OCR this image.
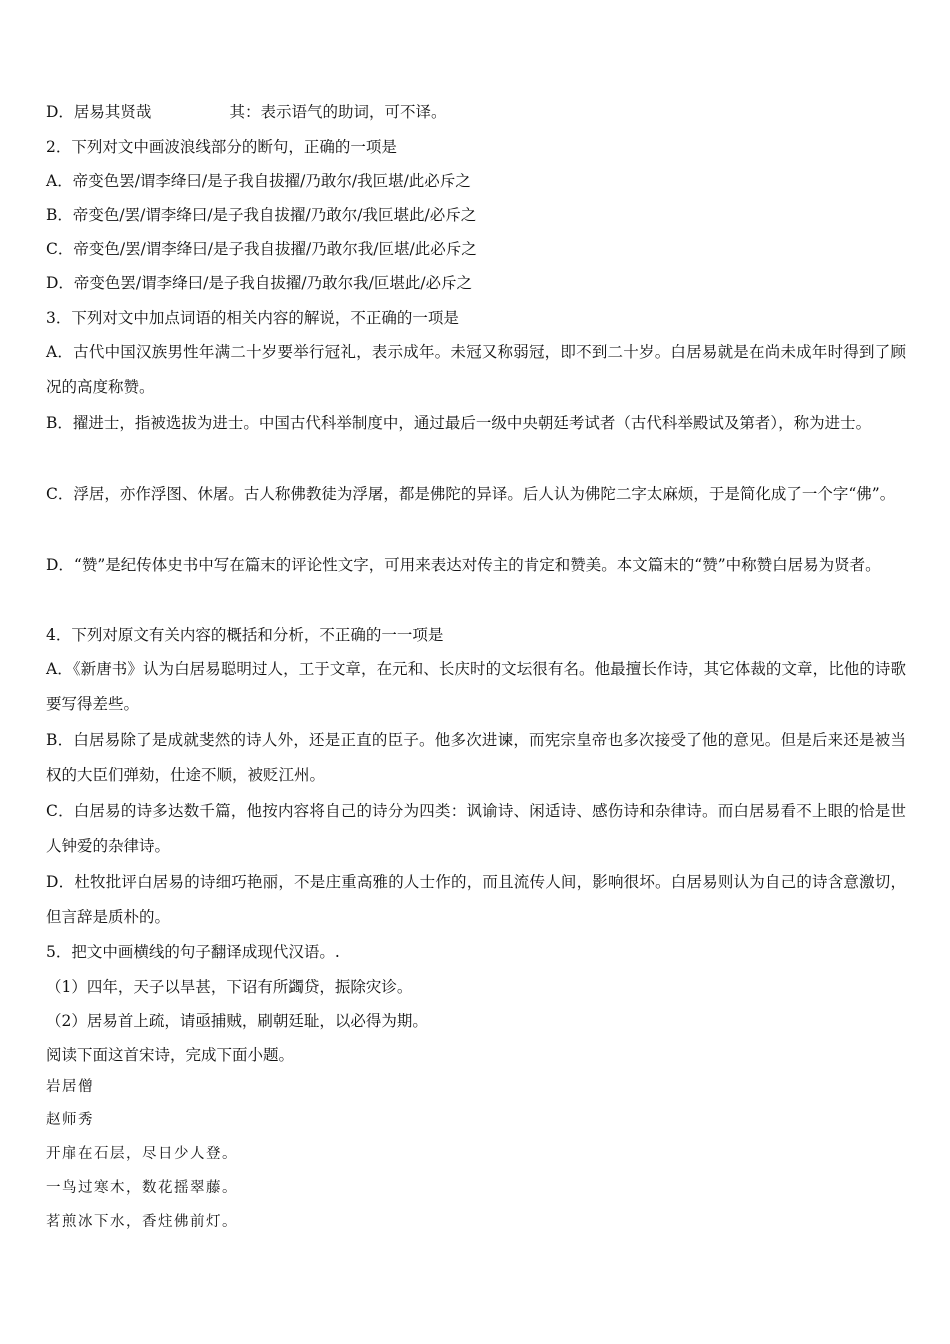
D．居易其贤哉	其：表示语气的助词，可不译。
2．下列对文中画波浪线部分的断句，正确的一项是
A．帝变色罢/谓李绛曰/是子我自拔擢/乃敢尔/我叵堪/此必斥之
B．帝变色/罢/谓李绛曰/是子我自拔擢/乃敢尔/我叵堪此/必斥之
C．帝变色/罢/谓李绛曰/是子我自拔擢/乃敢尔我/叵堪/此必斥之
D．帝变色罢/谓李绛曰/是子我自拔擢/乃敢尔我/叵堪此/必斥之
3．下列对文中加点词语的相关内容的解说，不正确的一项是
A．古代中国汉族男性年满二十岁要举行冠礼，表示成年。未冠又称弱冠，即不到二十岁。白居易就是在尚未成年时得到了顾况的高度称赞。
B．擢进士，指被选拔为进士。中国古代科举制度中，通过最后一级中央朝廷考试者（古代科举殿试及第者），称为进士。
C．浮居，亦作浮图、休屠。古人称佛教徒为浮屠，都是佛陀的异译。后人认为佛陀二字太麻烦，于是简化成了一个字“佛”。
D．“赞”是纪传体史书中写在篇末的评论性文字，可用来表达对传主的肯定和赞美。本文篇末的“赞”中称赞白居易为贤者。
4．下列对原文有关内容的概括和分析，不正确的一一项是
A．《新唐书》认为白居易聪明过人，工于文章，在元和、长庆时的文坛很有名。他最擅长作诗，其它体裁的文章，比他的诗歌要写得差些。
B．白居易除了是成就斐然的诗人外，还是正直的臣子。他多次进谏，而宪宗皇帝也多次接受了他的意见。但是后来还是被当权的大臣们弹劾，仕途不顺，被贬江州。
C．白居易的诗多达数千篇，他按内容将自己的诗分为四类：讽谕诗、闲适诗、感伤诗和杂律诗。而白居易看不上眼的恰是世人钟爱的杂律诗。
D．杜牧批评白居易的诗细巧艳丽，不是庄重高雅的人士作的，而且流传人间，影响很坏。白居易则认为自己的诗含意激切，但言辞是质朴的。
5．把文中画横线的句子翻译成现代汉语。.
（1）四年，天子以旱甚，下诏有所蠲贷，振除灾诊。
（2）居易首上疏，请亟捕贼，刷朝廷耻，以必得为期。
阅读下面这首宋诗，完成下面小题。
岩居僧
赵师秀
开扉在石层，尽日少人登。
一鸟过寒木，数花摇翠藤。
茗煎冰下水，香炷佛前灯。
